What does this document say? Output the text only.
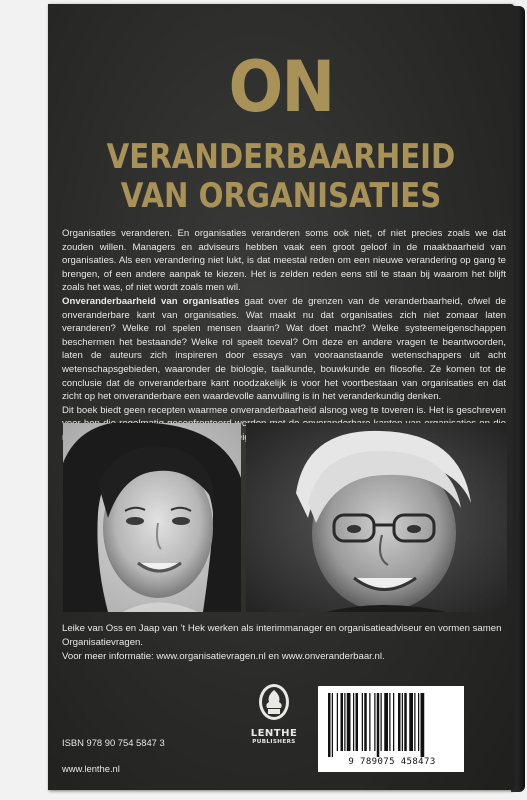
ON
VERANDERBAARHEID
VAN ORGANISATIES

Organisaties veranderen. En organisaties veranderen soms ook niet, of niet precies zoals we dat zouden willen. Managers en adviseurs hebben vaak een groot geloof in de maakbaarheid van organisaties. Als een verandering niet lukt, is dat meestal reden om een nieuwe verandering op gang te brengen, of een andere aanpak te kiezen. Het is zelden reden eens stil te staan bij waarom het blijft zoals het was, of niet wordt zoals men wil.

Onveranderbaarheid van organisaties gaat over de grenzen van de veranderbaarheid, ofwel de onveranderbare kant van organisaties. Wat maakt nu dat organisaties zich niet zomaar laten veranderen? Welke rol spelen mensen daarin? Wat doet macht? Welke systeemeigenschappen beschermen het bestaande? Welke rol speelt toeval? Om deze en andere vragen te beantwoorden, laten de auteurs zich inspireren door essays van vooraanstaande wetenschappers uit acht wetenschapsgebieden, waaronder de biologie, taalkunde, bouwkunde en filosofie. Ze komen tot de conclusie dat de onveranderbare kant noodzakelijk is voor het voortbestaan van organisaties en dat zicht op het onveranderbare een waardevolle aanvulling is in het veranderkundig denken.

Dit boek biedt geen recepten waarmee onveranderbaarheid alsnog weg te toveren is. Het is geschreven

Leike van Oss en Jaap van ’t Hek werken als interimmanager en organisatieadviseur en vormen samen Organisatievragen.

Voor meer informatie: www.organisatievragen.nl en www.onveranderbaar.nl.

LENTHE
PUBLISHERS
ISBN 978 90 754 5847 3
www.lenthe.nl
9 789075 458473
